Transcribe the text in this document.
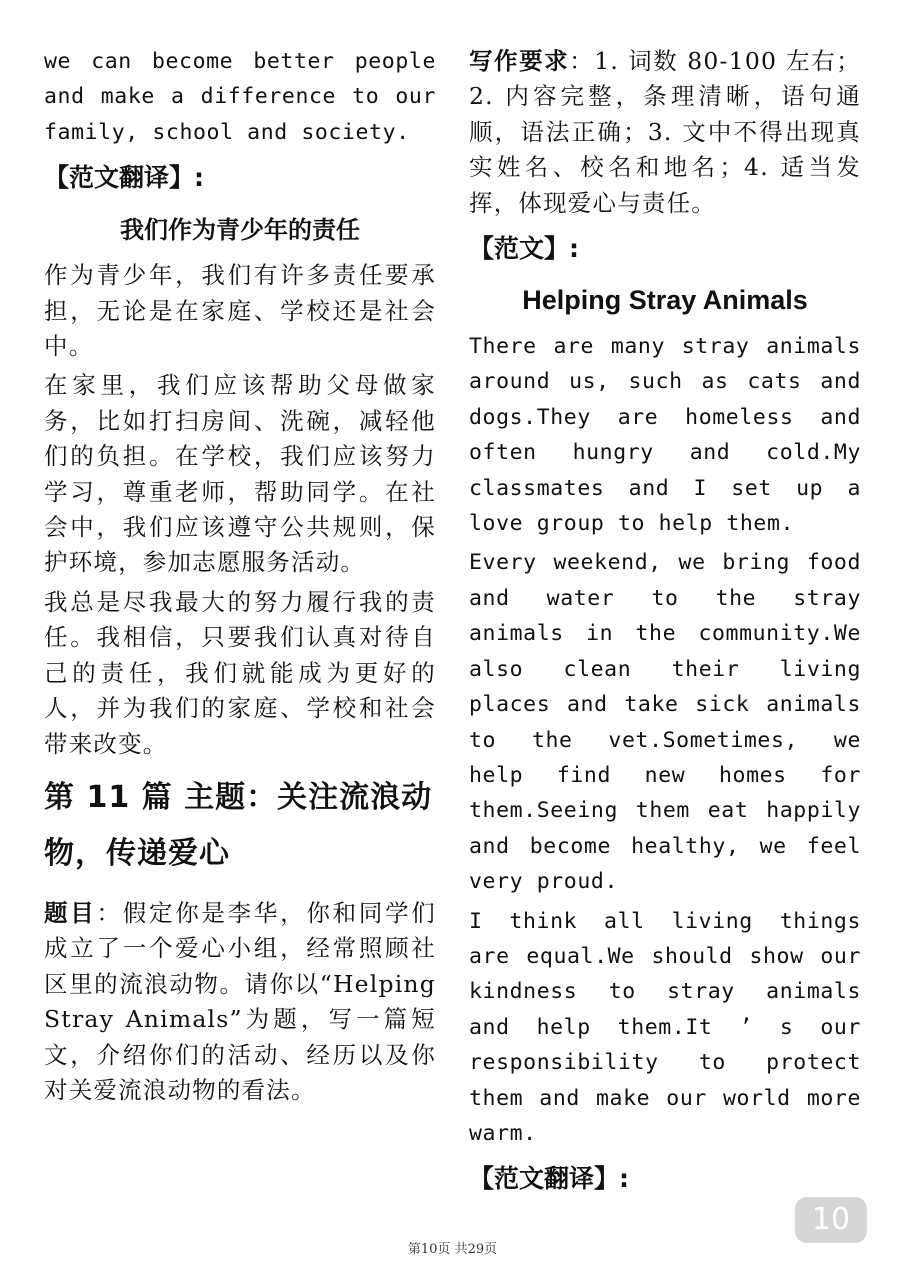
we can become better people and make a difference to our family, school and society.

【范文翻译】:
我们作为青少年的责任

作为青少年，我们有许多责任要承担，无论是在家庭、学校还是社会中。

在家里，我们应该帮助父母做家务，比如打扫房间、洗碗，减轻他们的负担。在学校，我们应该努力学习，尊重老师，帮助同学。在社会中，我们应该遵守公共规则，保护环境，参加志愿服务活动。

我总是尽我最大的努力履行我的责任。我相信，只要我们认真对待自己的责任，我们就能成为更好的人，并为我们的家庭、学校和社会带来改变。

第 11 篇 主题：关注流浪动物，传递爱心

题目：假定你是李华，你和同学们成立了一个爱心小组，经常照顾社区里的流浪动物。请你以“Helping Stray Animals”为题，写一篇短文，介绍你们的活动、经历以及你对关爱流浪动物的看法。

写作要求：1. 词数 80-100 左右；2. 内容完整，条理清晰，语句通顺，语法正确；3. 文中不得出现真实姓名、校名和地名；4. 适当发挥，体现爱心与责任。

【范文】:
Helping Stray Animals

There are many stray animals around us, such as cats and dogs.They are homeless and often hungry and cold.My classmates and I set up a love group to help them.

Every weekend, we bring food and water to the stray animals in the community.We also clean their living places and take sick animals to the vet.Sometimes, we help find new homes for them.Seeing them eat happily and become healthy, we feel very proud.

I think all living things are equal.We should show our kindness to stray animals and help them.It ’ s our responsibility to protect them and make our world more warm.

【范文翻译】:
10
第10页 共29页
